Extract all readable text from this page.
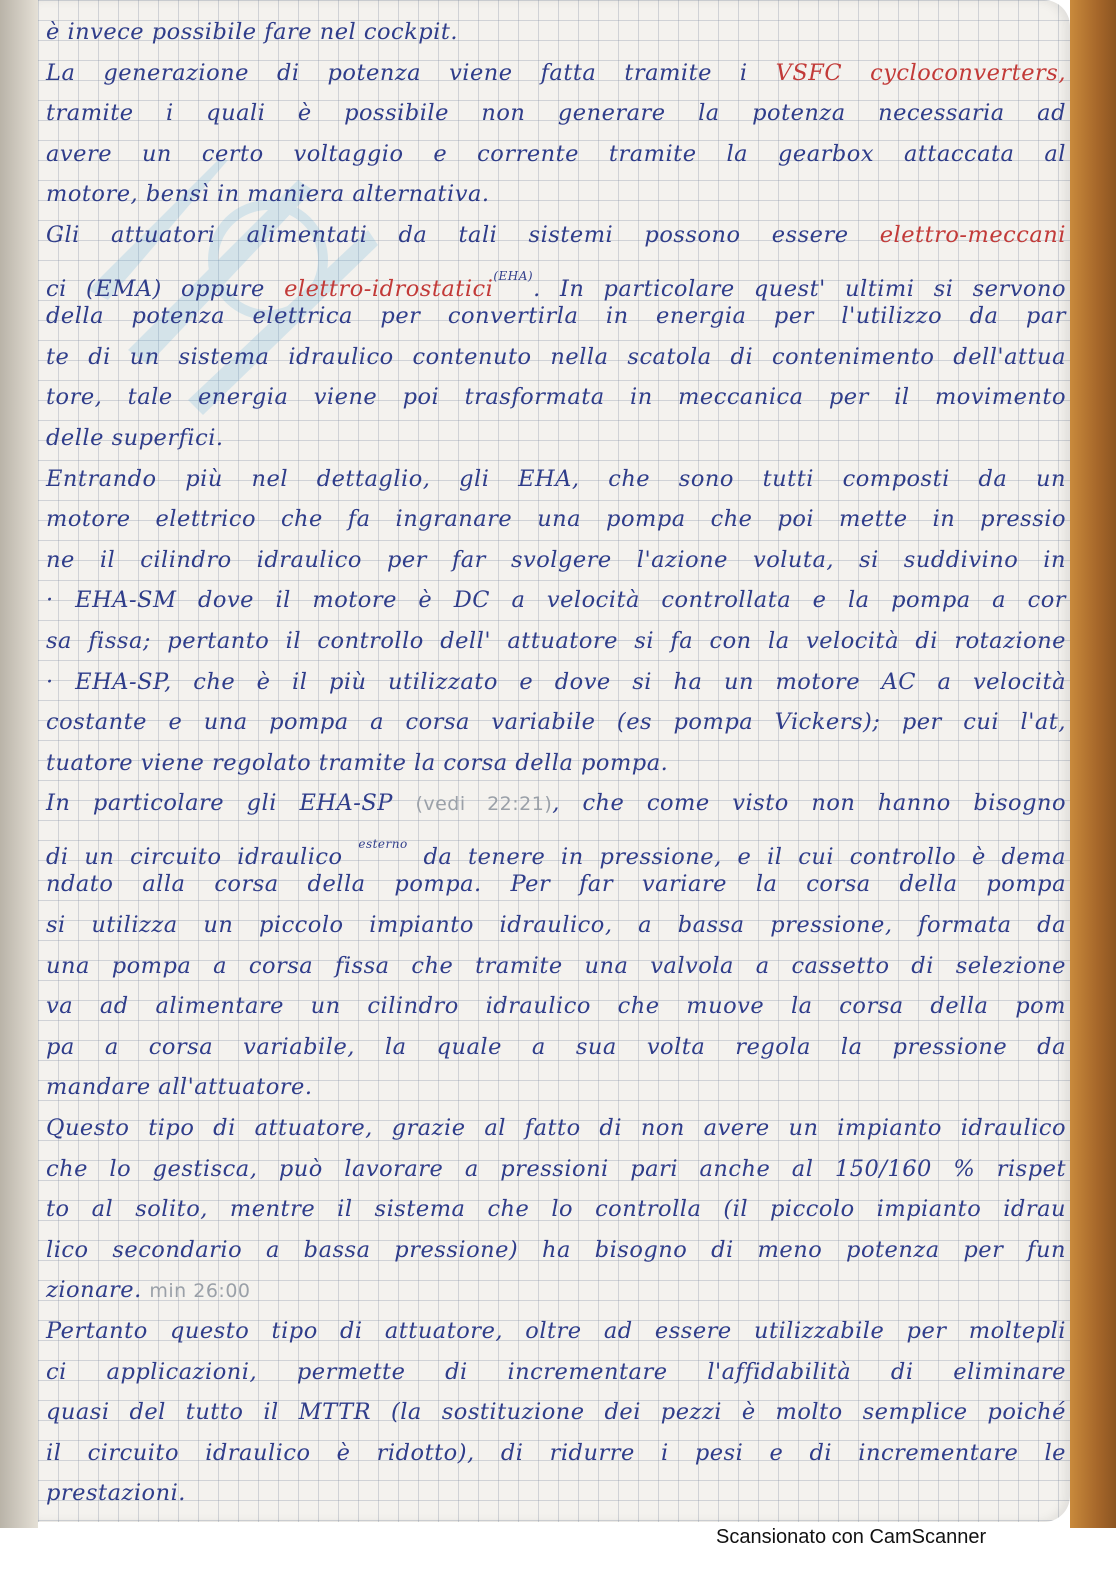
è invece possibile fare nel cockpit.
La generazione di potenza viene fatta tramite i VSFC cycloconverters,
tramite i quali è possibile non generare la potenza necessaria ad
avere un certo voltaggio e corrente tramite la gearbox attaccata al
motore, bensì in maniera alternativa.
Gli attuatori alimentati da tali sistemi possono essere elettro-meccani
ci (EMA) oppure elettro-idrostatici$^{(EHA)}$. In particolare quest' ultimi si servono
della potenza elettrica per convertirla in energia per l'utilizzo da par
te di un sistema idraulico contenuto nella scatola di contenimento dell'attua
tore, tale energia viene poi trasformata in meccanica per il movimento
delle superfici.
Entrando più nel dettaglio, gli EHA, che sono tutti composti da un
motore elettrico che fa ingranare una pompa che poi mette in pressio
ne il cilindro idraulico per far svolgere l'azione voluta, si suddivino in
· EHA-SM dove il motore è DC a velocità controllata e la pompa a cor
sa fissa; pertanto il controllo dell' attuatore si fa con la velocità di rotazione
· EHA-SP, che è il più utilizzato e dove si ha un motore AC a velocità
costante e una pompa a corsa variabile (es pompa Vickers); per cui l'at,
tuatore viene regolato tramite la corsa della pompa.
In particolare gli EHA-SP (vedi 22:21), che come visto non hanno bisogno
di un circuito idraulico $^{esterno}$ da tenere in pressione, e il cui controllo è dema
ndato alla corsa della pompa. Per far variare la corsa della pompa
si utilizza un piccolo impianto idraulico, a bassa pressione, formata da
una pompa a corsa fissa che tramite una valvola a cassetto di selezione
va ad alimentare un cilindro idraulico che muove la corsa della pom
pa a corsa variabile, la quale a sua volta regola la pressione da
mandare all'attuatore.
Questo tipo di attuatore, grazie al fatto di non avere un impianto idraulico
che lo gestisca, può lavorare a pressioni pari anche al 150/160 % rispet
to al solito, mentre il sistema che lo controlla (il piccolo impianto idrau
lico secondario a bassa pressione) ha bisogno di meno potenza per fun
zionare. min 26:00
Pertanto questo tipo di attuatore, oltre ad essere utilizzabile per moltepli
ci applicazioni, permette di incrementare l'affidabilità di eliminare
quasi del tutto il MTTR (la sostituzione dei pezzi è molto semplice poiché
il circuito idraulico è ridotto), di ridurre i pesi e di incrementare le
prestazioni.
Scansionato con CamScanner
